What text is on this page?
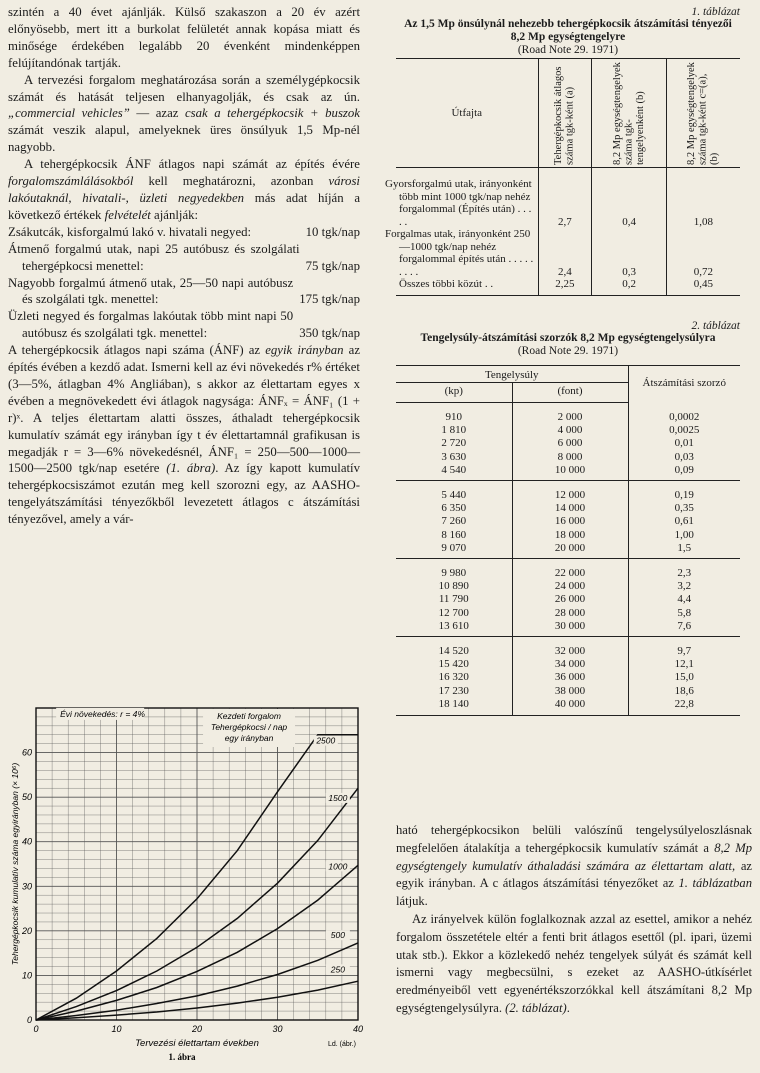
szintén a 40 évet ajánlják. Külső szakaszon a 20 év azért előnyösebb, mert itt a burkolat felületét annak kopása miatt és minősége érdekében legalább 20 évenként mindenképpen felújítandónak tartják.

A tervezési forgalom meghatározása során a személygépkocsik számát és hatását teljesen elhanyagolják, és csak az ún. „commercial vehicles” — azaz csak a tehergépkocsik + buszok számát veszik alapul, amelyeknek üres önsúlyuk 1,5 Mp-nél nagyobb.

A tehergépkocsik ÁNF átlagos napi számát az építés évére forgalomszámlálásokból kell meghatározni, azonban városi lakóutaknál, hivatali-, üzleti negyedekben más adat híján a következő értékek felvételét ajánlják:

Zsákutcák, kisforgalmú lakó v. hivatali negyed:	10 tgk/nap
Átmenő forgalmú utak, napi 25 autóbusz és szolgálati tehergépkocsi menettel:	75 tgk/nap
Nagyobb forgalmú átmenő utak, 25—50 napi autóbusz és szolgálati tgk. menettel:	175 tgk/nap
Üzleti negyed és forgalmas lakóutak több mint napi 50 autóbusz és szolgálati tgk. menettel:	350 tgk/nap

A tehergépkocsik átlagos napi száma (ÁNF) az egyik irányban az építés évében a kezdő adat. Ismerni kell az évi növekedés r% értéket (3—5%, átlagban 4% Angliában), s akkor az élettartam egyes x évében a megnövekedett évi átlagok nagysága: ÁNFₓ = ÁNF₁ (1 + r)ˣ. A teljes élettartam alatti összes, áthaladt tehergépkocsik kumulatív számát egy irányban így t év élettartamnál grafikusan is megadják r = 3—6% növekedésnél, ÁNF₁ = 250—500—1000—1500—2500 tgk/nap esetére (1. ábra). Az így kapott kumulatív tehergépkocsiszámot ezután meg kell szorozni egy, az AASHO-tengelyátszámítási tényezőkből levezetett átlagos c átszámítási tényezővel, amely a vár-

0	10	20	30	40
0
10
20
30
40
50
60
2500
1500
1000
500
250
Évi növekedés: r = 4%	Kezdeti forgalom
Tehergépkocsi / nap
egy irányban
Tervezési élettartam években
Tehergépkocsik kumulatív száma egyirányban (× 10⁶)
Ld. (ábr.)
1. ábra

1. táblázat

Az 1,5 Mp önsúlynál nehezebb tehergépkocsik átszámítási tényezői 8,2 Mp egységtengelyre

(Road Note 29. 1971)

Útfajta	Tehergépkocsik átlagos száma tgk-ként (a)	8,2 Mp egységtengelyek száma tgk-tengelyenként (b)	8,2 Mp egységtengelyek száma tgk-ként c=(a), (b)

Gyorsforgalmú utak, irányonként több mint 1000 tgk/nap nehéz forgalommal (Építés után) . . . . .	2,7	0,4	1,08
Forgalmas utak, irányonként 250—1000 tgk/nap nehéz forgalommal építés után . . . . . . . . .	2,4	0,3	0,72
Összes többi közút . .	2,25	0,2	0,45

2. táblázat

Tengelysúly-átszámítási szorzók 8,2 Mp egységtengelysúlyra

(Road Note 29. 1971)

Tengelysúly		Átszámítási szorzó
(kp)	(font)	
910	2 000	0,0002
1 810	4 000	0,0025
2 720	6 000	0,01
3 630	8 000	0,03
4 540	10 000	0,09
5 440	12 000	0,19
6 350	14 000	0,35
7 260	16 000	0,61
8 160	18 000	1,00
9 070	20 000	1,5
9 980	22 000	2,3
10 890	24 000	3,2
11 790	26 000	4,4
12 700	28 000	5,8
13 610	30 000	7,6
14 520	32 000	9,7
15 420	34 000	12,1
16 320	36 000	15,0
17 230	38 000	18,6
18 140	40 000	22,8

ható tehergépkocsikon belüli valószínű tengelysúlyeloszlásnak megfelelően átalakítja a tehergépkocsik kumulatív számát a 8,2 Mp egységtengely kumulatív áthaladási számára az élettartam alatt, az egyik irányban. A c átlagos átszámítási tényezőket az 1. táblázatban látjuk.

Az irányelvek külön foglalkoznak azzal az esettel, amikor a nehéz forgalom összetétele eltér a fenti brit átlagos esettől (pl. ipari, üzemi utak stb.). Ekkor a közlekedő nehéz tengelyek súlyát és számát kell ismerni vagy megbecsülni, s ezeket az AASHO-útkísérlet eredményeiből vett egyenértékszorzókkal kell átszámítani 8,2 Mp egységtengelysúlyra. (2. táblázat).
